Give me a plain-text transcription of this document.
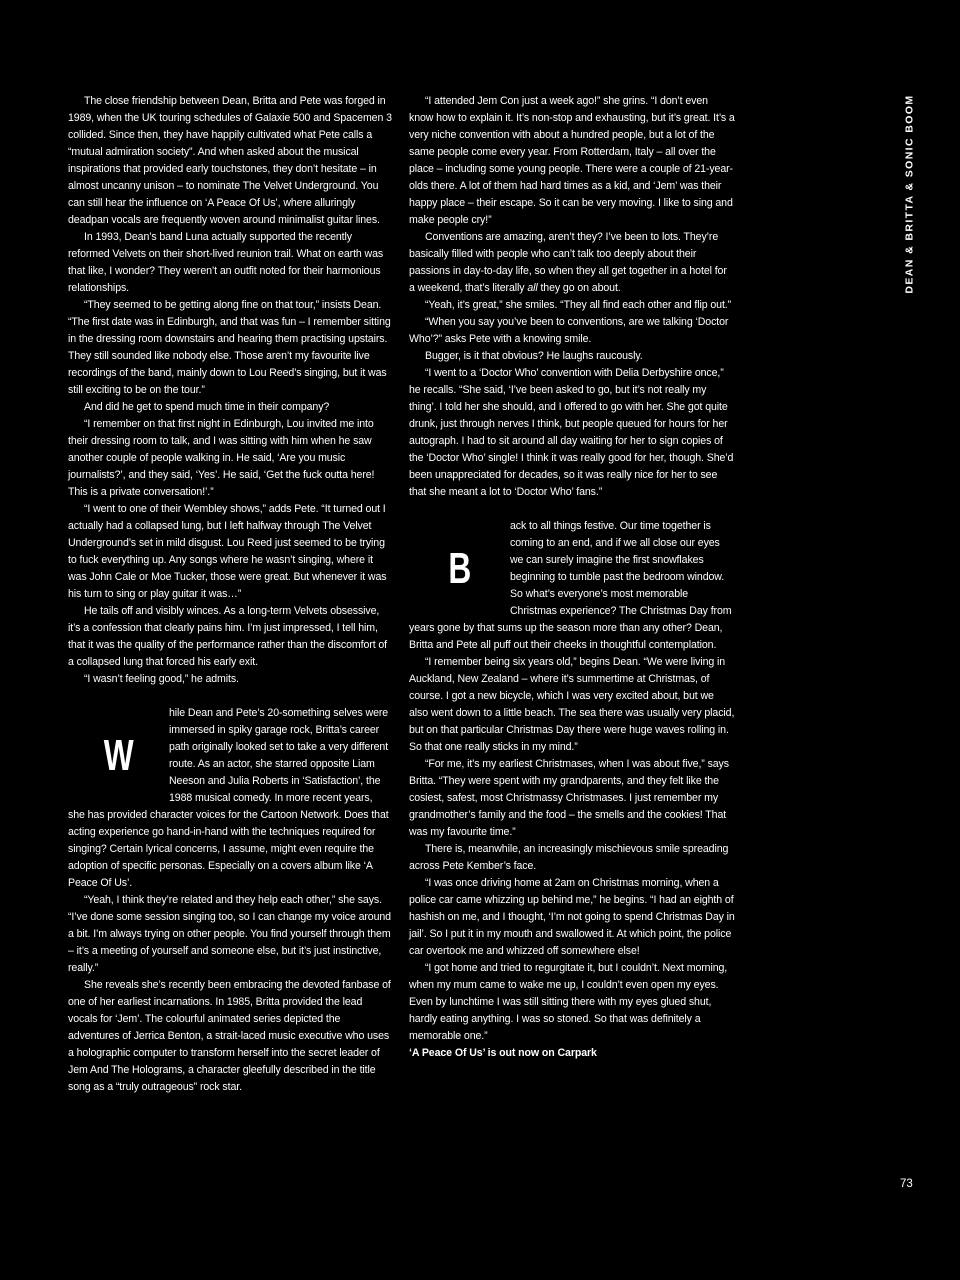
The close friendship between Dean, Britta and Pete was forged in 1989, when the UK touring schedules of Galaxie 500 and Spacemen 3 collided. Since then, they have happily cultivated what Pete calls a “mutual admiration society”. And when asked about the musical inspirations that provided early touchstones, they don’t hesitate – in almost uncanny unison – to nominate The Velvet Underground. You can still hear the influence on ‘A Peace Of Us’, where alluringly deadpan vocals are frequently woven around minimalist guitar lines.

In 1993, Dean’s band Luna actually supported the recently reformed Velvets on their short-lived reunion trail. What on earth was that like, I wonder? They weren’t an outfit noted for their harmonious relationships.

“They seemed to be getting along fine on that tour,” insists Dean. “The first date was in Edinburgh, and that was fun – I remember sitting in the dressing room downstairs and hearing them practising upstairs. They still sounded like nobody else. Those aren’t my favourite live recordings of the band, mainly down to Lou Reed’s singing, but it was still exciting to be on the tour.”

And did he get to spend much time in their company?

“I remember on that first night in Edinburgh, Lou invited me into their dressing room to talk, and I was sitting with him when he saw another couple of people walking in. He said, ‘Are you music journalists?’, and they said, ‘Yes’. He said, ‘Get the fuck outta here! This is a private conversation!’.”

“I went to one of their Wembley shows,” adds Pete. “It turned out I actually had a collapsed lung, but I left halfway through The Velvet Underground’s set in mild disgust. Lou Reed just seemed to be trying to fuck everything up. Any songs where he wasn’t singing, where it was John Cale or Moe Tucker, those were great. But whenever it was his turn to sing or play guitar it was…”

He tails off and visibly winces. As a long-term Velvets obsessive, it’s a confession that clearly pains him. I’m just impressed, I tell him, that it was the quality of the performance rather than the discomfort of a collapsed lung that forced his early exit.

“I wasn’t feeling good,” he admits.

W

hile Dean and Pete’s 20-something selves were immersed in spiky garage rock, Britta’s career path originally looked set to take a very different route. As an actor, she starred opposite Liam Neeson and Julia Roberts in ‘Satisfaction’, the 1988 musical comedy. In more recent years, she has provided character voices for the Cartoon Network. Does that acting experience go hand-in-hand with the techniques required for singing? Certain lyrical concerns, I assume, might even require the adoption of specific personas. Especially on a covers album like ‘A Peace Of Us’.

“Yeah, I think they’re related and they help each other,” she says. “I’ve done some session singing too, so I can change my voice around a bit. I’m always trying on other people. You find yourself through them – it’s a meeting of yourself and someone else, but it’s just instinctive, really.”

She reveals she’s recently been embracing the devoted fanbase of one of her earliest incarnations. In 1985, Britta provided the lead vocals for ‘Jem’. The colourful animated series depicted the adventures of Jerrica Benton, a strait-laced music executive who uses a holographic computer to transform herself into the secret leader of Jem And The Holograms, a character gleefully described in the title song as a “truly outrageous” rock star.

“I attended Jem Con just a week ago!” she grins. “I don’t even know how to explain it. It’s non-stop and exhausting, but it’s great. It’s a very niche convention with about a hundred people, but a lot of the same people come every year. From Rotterdam, Italy – all over the place – including some young people. There were a couple of 21-year-olds there. A lot of them had hard times as a kid, and ‘Jem’ was their happy place – their escape. So it can be very moving. I like to sing and make people cry!”

Conventions are amazing, aren’t they? I’ve been to lots. They’re basically filled with people who can’t talk too deeply about their passions in day-to-day life, so when they all get together in a hotel for a weekend, that’s literally all they go on about.

“Yeah, it’s great,” she smiles. “They all find each other and flip out.”

“When you say you’ve been to conventions, are we talking ‘Doctor Who’?” asks Pete with a knowing smile.

Bugger, is it that obvious? He laughs raucously.

“I went to a ‘Doctor Who’ convention with Delia Derbyshire once,” he recalls. “She said, ‘I’ve been asked to go, but it’s not really my thing’. I told her she should, and I offered to go with her. She got quite drunk, just through nerves I think, but people queued for hours for her autograph. I had to sit around all day waiting for her to sign copies of the ‘Doctor Who’ single! I think it was really good for her, though. She’d been unappreciated for decades, so it was really nice for her to see that she meant a lot to ‘Doctor Who’ fans.”

B

ack to all things festive. Our time together is coming to an end, and if we all close our eyes we can surely imagine the first snowflakes beginning to tumble past the bedroom window. So what’s everyone’s most memorable Christmas experience? The Christmas Day from years gone by that sums up the season more than any other? Dean, Britta and Pete all puff out their cheeks in thoughtful contemplation.

“I remember being six years old,” begins Dean. “We were living in Auckland, New Zealand – where it’s summertime at Christmas, of course. I got a new bicycle, which I was very excited about, but we also went down to a little beach. The sea there was usually very placid, but on that particular Christmas Day there were huge waves rolling in. So that one really sticks in my mind.”

“For me, it’s my earliest Christmases, when I was about five,” says Britta. “They were spent with my grandparents, and they felt like the cosiest, safest, most Christmassy Christmases. I just remember my grandmother’s family and the food – the smells and the cookies! That was my favourite time.”

There is, meanwhile, an increasingly mischievous smile spreading across Pete Kember’s face.

“I was once driving home at 2am on Christmas morning, when a police car came whizzing up behind me,” he begins. “I had an eighth of hashish on me, and I thought, ‘I’m not going to spend Christmas Day in jail’. So I put it in my mouth and swallowed it. At which point, the police car overtook me and whizzed off somewhere else!

“I got home and tried to regurgitate it, but I couldn’t. Next morning, when my mum came to wake me up, I couldn’t even open my eyes. Even by lunchtime I was still sitting there with my eyes glued shut, hardly eating anything. I was so stoned. So that was definitely a memorable one.”

‘A Peace Of Us’ is out now on Carpark

DEAN & BRITTA & SONIC BOOM
73
